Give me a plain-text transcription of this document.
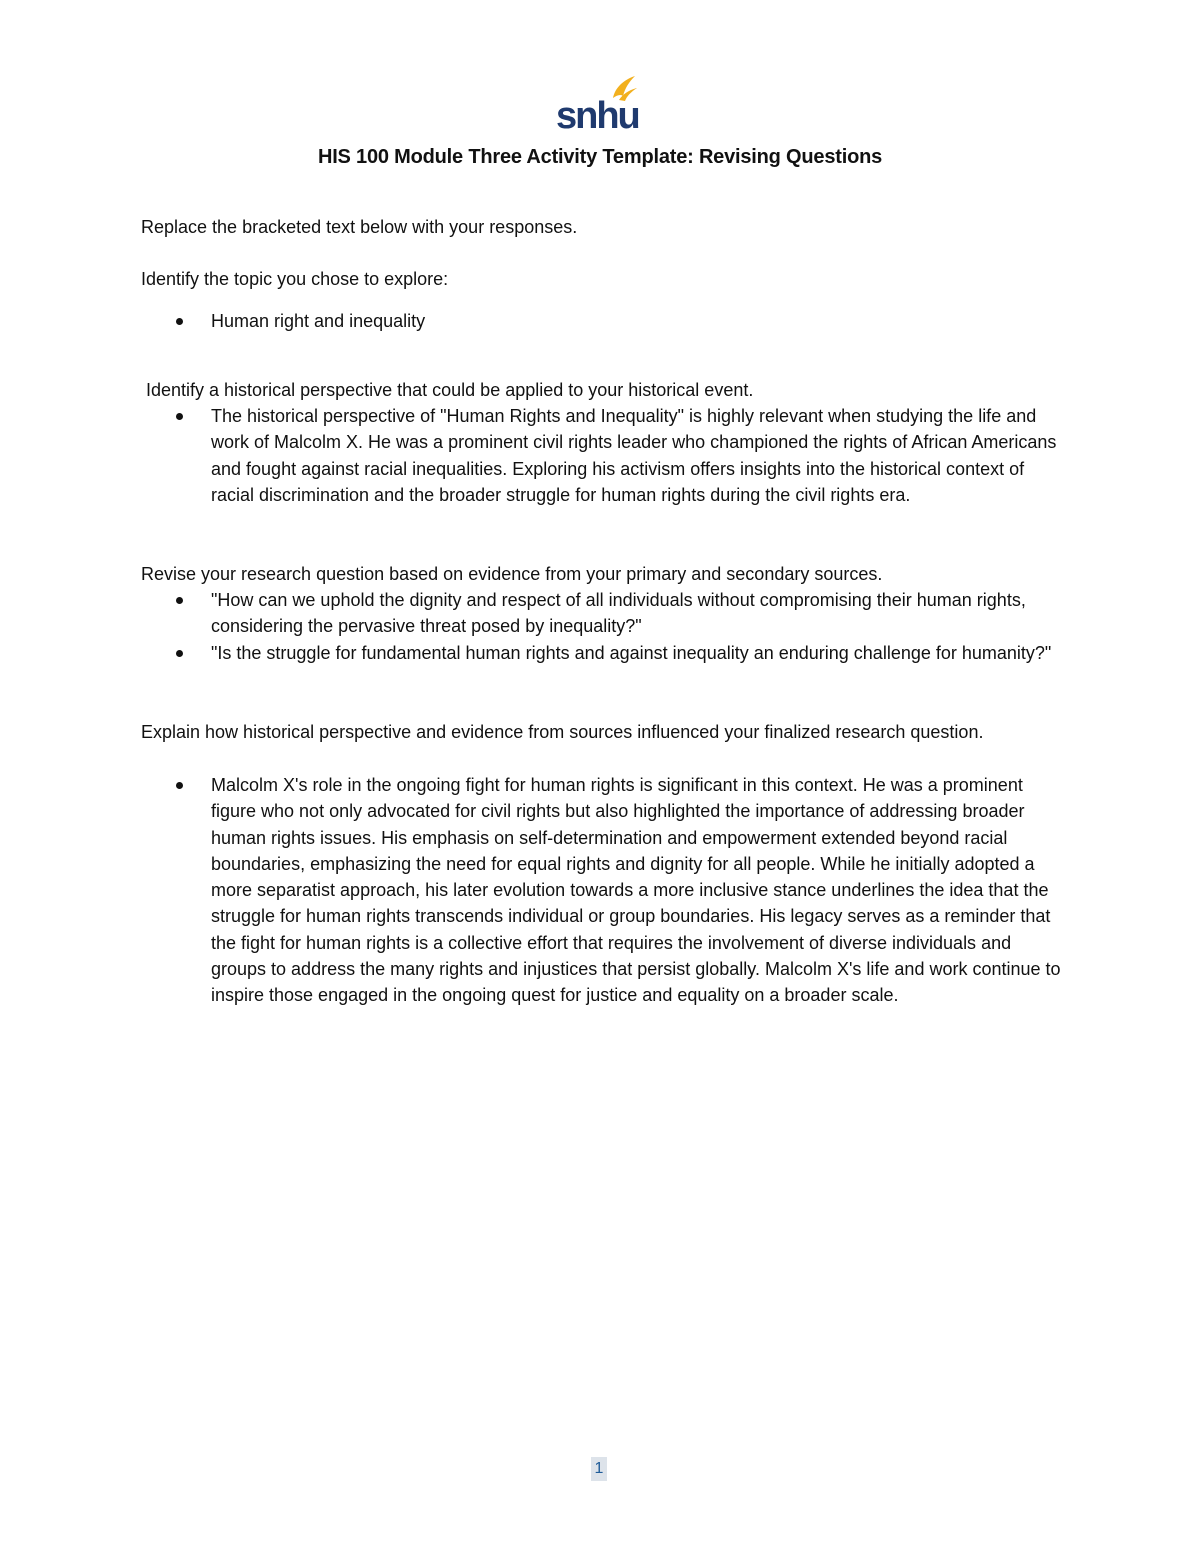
snhu
HIS 100 Module Three Activity Template: Revising Questions

Replace the bracketed text below with your responses.

Identify the topic you chose to explore:

Human right and inequality

Identify a historical perspective that could be applied to your historical event.

The historical perspective of "Human Rights and Inequality" is highly relevant when studying the life and work of Malcolm X. He was a prominent civil rights leader who championed the rights of African Americans and fought against racial inequalities. Exploring his activism offers insights into the historical context of racial discrimination and the broader struggle for human rights during the civil rights era.

Revise your research question based on evidence from your primary and secondary sources.

"How can we uphold the dignity and respect of all individuals without compromising their human rights, considering the pervasive threat posed by inequality?"
"Is the struggle for fundamental human rights and against inequality an enduring challenge for humanity?"

Explain how historical perspective and evidence from sources influenced your finalized research question.

Malcolm X's role in the ongoing fight for human rights is significant in this context. He was a prominent figure who not only advocated for civil rights but also highlighted the importance of addressing broader human rights issues. His emphasis on self-determination and empowerment extended beyond racial boundaries, emphasizing the need for equal rights and dignity for all people. While he initially adopted a more separatist approach, his later evolution towards a more inclusive stance underlines the idea that the struggle for human rights transcends individual or group boundaries. His legacy serves as a reminder that the fight for human rights is a collective effort that requires the involvement of diverse individuals and groups to address the many rights and injustices that persist globally. Malcolm X's life and work continue to inspire those engaged in the ongoing quest for justice and equality on a broader scale.
1
